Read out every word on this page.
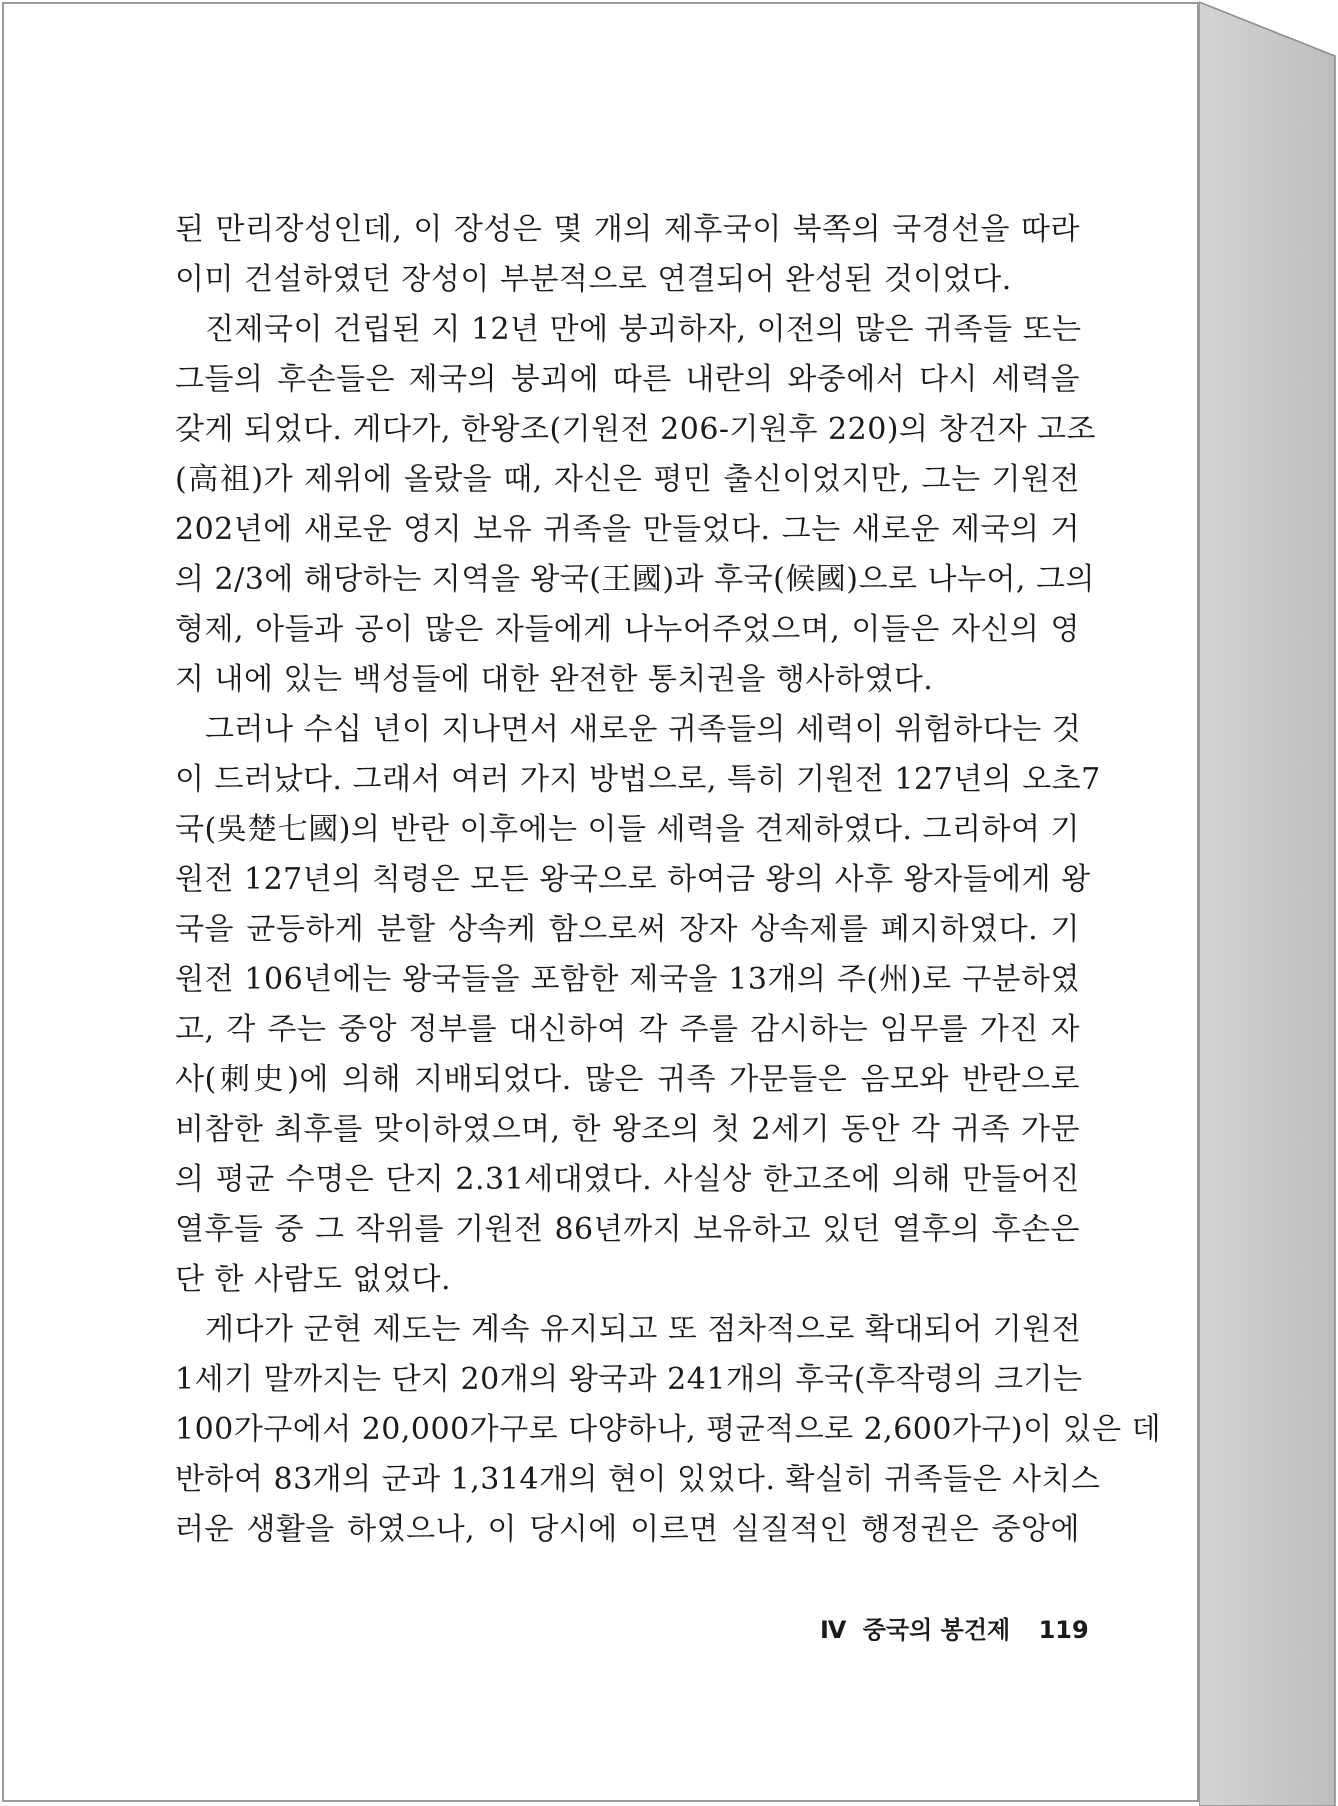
된 만리장성인데, 이 장성은 몇 개의 제후국이 북쪽의 국경선을 따라
이미 건설하였던 장성이 부분적으로 연결되어 완성된 것이었다.
진제국이 건립된 지 12년 만에 붕괴하자, 이전의 많은 귀족들 또는
그들의 후손들은 제국의 붕괴에 따른 내란의 와중에서 다시 세력을
갖게 되었다. 게다가, 한왕조(기원전 206-기원후 220)의 창건자 고조
(高祖)가 제위에 올랐을 때, 자신은 평민 출신이었지만, 그는 기원전
202년에 새로운 영지 보유 귀족을 만들었다. 그는 새로운 제국의 거
의 2/3에 해당하는 지역을 왕국(王國)과 후국(候國)으로 나누어, 그의
형제, 아들과 공이 많은 자들에게 나누어주었으며, 이들은 자신의 영
지 내에 있는 백성들에 대한 완전한 통치권을 행사하였다.
그러나 수십 년이 지나면서 새로운 귀족들의 세력이 위험하다는 것
이 드러났다. 그래서 여러 가지 방법으로, 특히 기원전 127년의 오초7
국(吳楚七國)의 반란 이후에는 이들 세력을 견제하였다. 그리하여 기
원전 127년의 칙령은 모든 왕국으로 하여금 왕의 사후 왕자들에게 왕
국을 균등하게 분할 상속케 함으로써 장자 상속제를 폐지하였다. 기
원전 106년에는 왕국들을 포함한 제국을 13개의 주(州)로 구분하였
고, 각 주는 중앙 정부를 대신하여 각 주를 감시하는 임무를 가진 자
사(刺史)에 의해 지배되었다. 많은 귀족 가문들은 음모와 반란으로
비참한 최후를 맞이하였으며, 한 왕조의 첫 2세기 동안 각 귀족 가문
의 평균 수명은 단지 2.31세대였다. 사실상 한고조에 의해 만들어진
열후들 중 그 작위를 기원전 86년까지 보유하고 있던 열후의 후손은
단 한 사람도 없었다.
게다가 군현 제도는 계속 유지되고 또 점차적으로 확대되어 기원전
1세기 말까지는 단지 20개의 왕국과 241개의 후국(후작령의 크기는
100가구에서 20,000가구로 다양하나, 평균적으로 2,600가구)이 있은 데
반하여 83개의 군과 1,314개의 현이 있었다. 확실히 귀족들은 사치스
러운 생활을 하였으나, 이 당시에 이르면 실질적인 행정권은 중앙에
Ⅳ 중국의 봉건제 119
